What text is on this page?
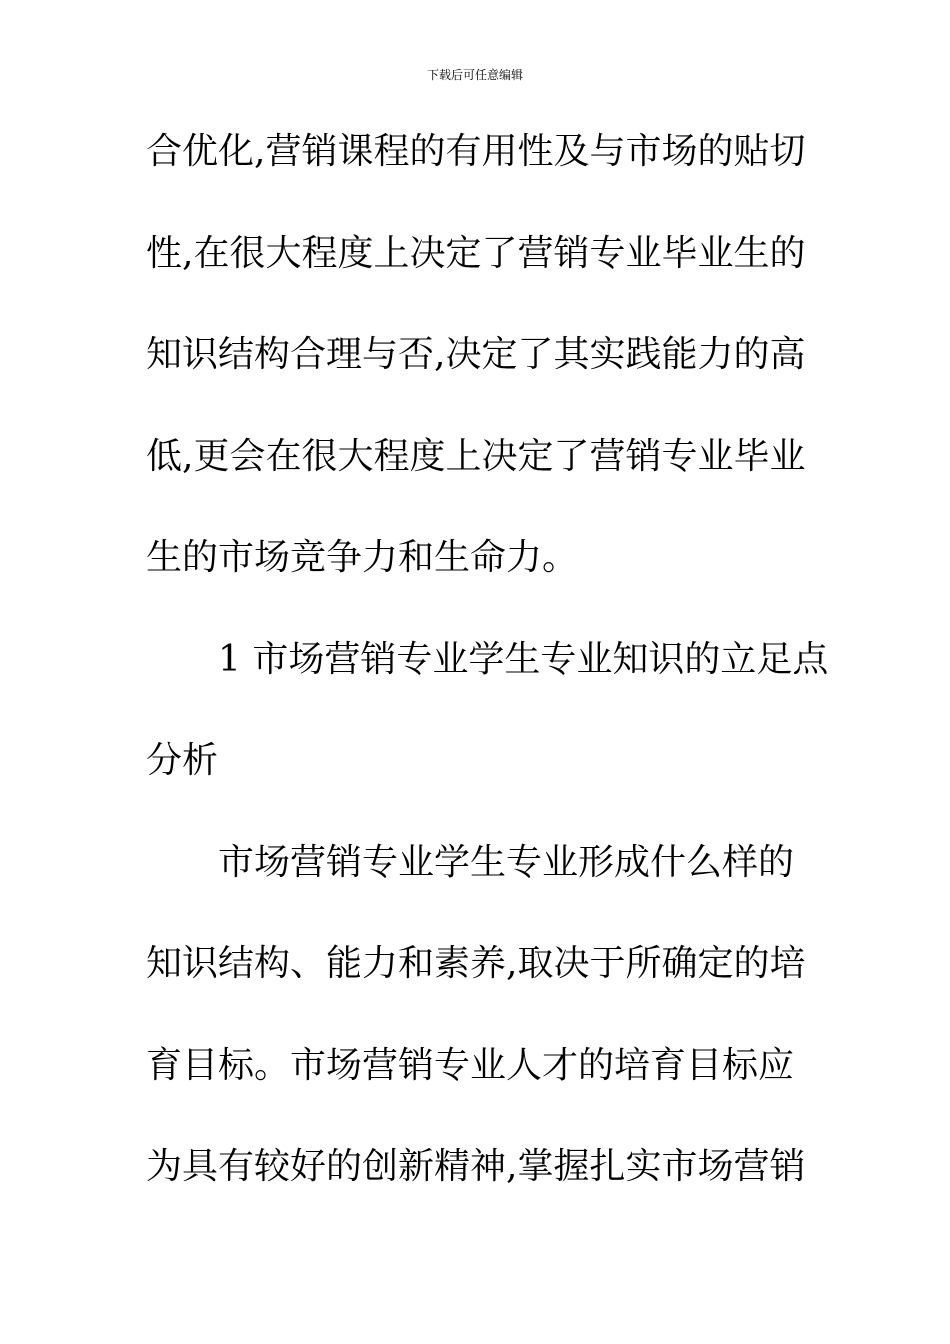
下载后可任意编辑
合优化,营销课程的有用性及与市场的贴切
性,在很大程度上决定了营销专业毕业生的
知识结构合理与否,决定了其实践能力的高
低,更会在很大程度上决定了营销专业毕业
生的市场竞争力和生命力。
1 市场营销专业学生专业知识的立足点
分析
市场营销专业学生专业形成什么样的
知识结构、能力和素养,取决于所确定的培
育目标。市场营销专业人才的培育目标应
为具有较好的创新精神,掌握扎实市场营销
